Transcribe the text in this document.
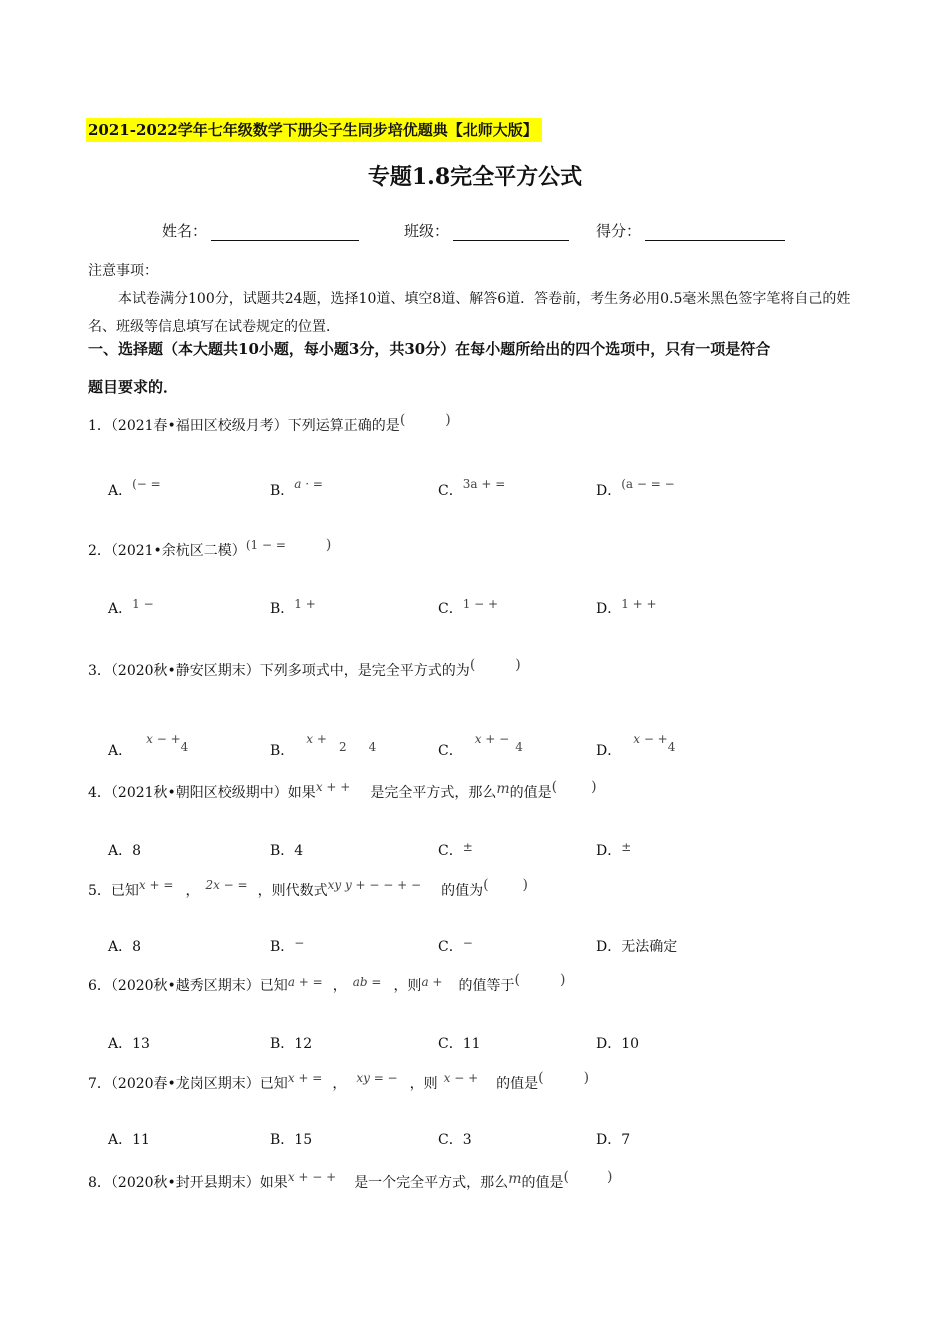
2021-2022学年七年级数学下册尖子生同步培优题典【北师大版】
专题1.8完全平方公式
姓名：	班级：	得分：
注意事项：
本试卷满分100分，试题共24题，选择10道、填空8道、解答6道．答卷前，考生务必用0.5毫米黑色签字笔将自己的姓名、班级等信息填写在试卷规定的位置．
一、选择题（本大题共10小题，每小题3分，共30分）在每小题所给出的四个选项中，只有一项是符合
题目要求的．
1．（2021春•福田区校级月考）下列运算正确的是(	)
A．(− =	B．a · =	C．3a + =	D．(a − = −
2．（2021•余杭区二模）(1 − =	)
A．1 −	B．1 +	C．1 − +	D．1 + +
3．（2020秋•静安区期末）下列多项式中，是完全平方式的为(	)
A．x − +4	B．x +2 4	C．x + −4	D．x − +4
4．（2021秋•朝阳区校级期中）如果x + + 是完全平方式，那么m的值是( )
A．8	B．4	C．±	D．±
5．已知x + = ， 2x − = ，则代数式xy y + − − + − 的值为( )
A．8	B．−	C．−	D．无法确定
6．（2020秋•越秀区期末）已知a + = ， ab = ，则a + 的值等于(	)
A．13	B．12	C．11	D．10
7．（2020春•龙岗区期末）已知x + = ， xy = − ，则 x − + 的值是(	)
A．11	B．15	C．3	D．7
8．（2020秋•封开县期末）如果x + − + 是一个完全平方式，那么m的值是(	)
